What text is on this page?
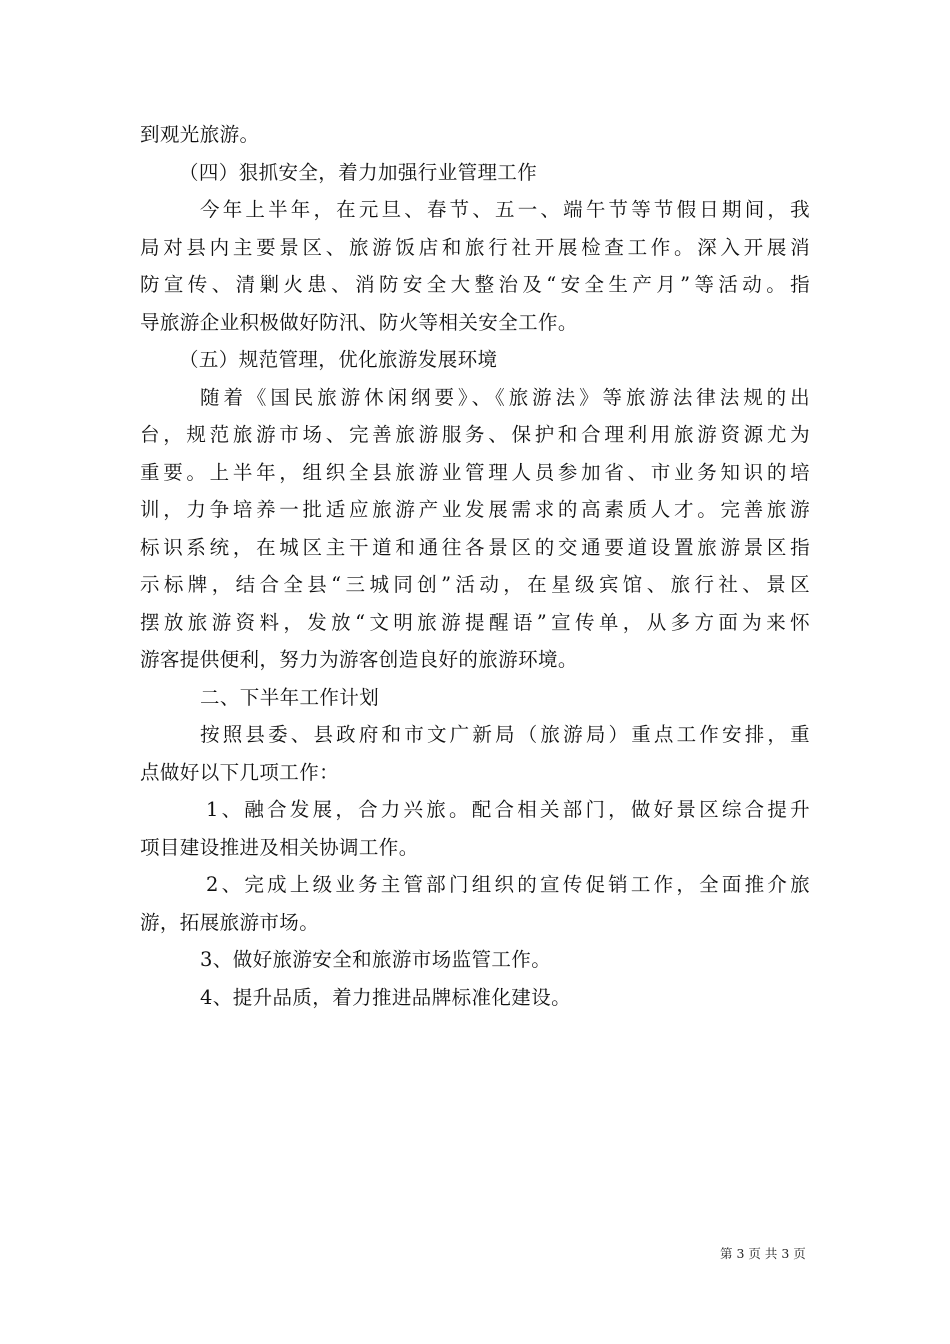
到观光旅游。
（四）狠抓安全，着力加强行业管理工作
今年上半年，在元旦、春节、五一、端午节等节假日期间，我
局对县内主要景区、旅游饭店和旅行社开展检查工作。深入开展消
防宣传、清剿火患、消防安全大整治及“安全生产月”等活动。指
导旅游企业积极做好防汛、防火等相关安全工作。
（五）规范管理，优化旅游发展环境
随着《国民旅游休闲纲要》、《旅游法》等旅游法律法规的出
台，规范旅游市场、完善旅游服务、保护和合理利用旅游资源尤为
重要。上半年，组织全县旅游业管理人员参加省、市业务知识的培
训，力争培养一批适应旅游产业发展需求的高素质人才。完善旅游
标识系统，在城区主干道和通往各景区的交通要道设置旅游景区指
示标牌，结合全县“三城同创”活动，在星级宾馆、旅行社、景区
摆放旅游资料，发放“文明旅游提醒语”宣传单，从多方面为来怀
游客提供便利，努力为游客创造良好的旅游环境。
二、下半年工作计划
按照县委、县政府和市文广新局（旅游局）重点工作安排，重
点做好以下几项工作：
1、融合发展，合力兴旅。配合相关部门，做好景区综合提升
项目建设推进及相关协调工作。
2、完成上级业务主管部门组织的宣传促销工作，全面推介旅
游，拓展旅游市场。
3、做好旅游安全和旅游市场监管工作。
4、提升品质，着力推进品牌标准化建设。
第 3 页 共 3 页
